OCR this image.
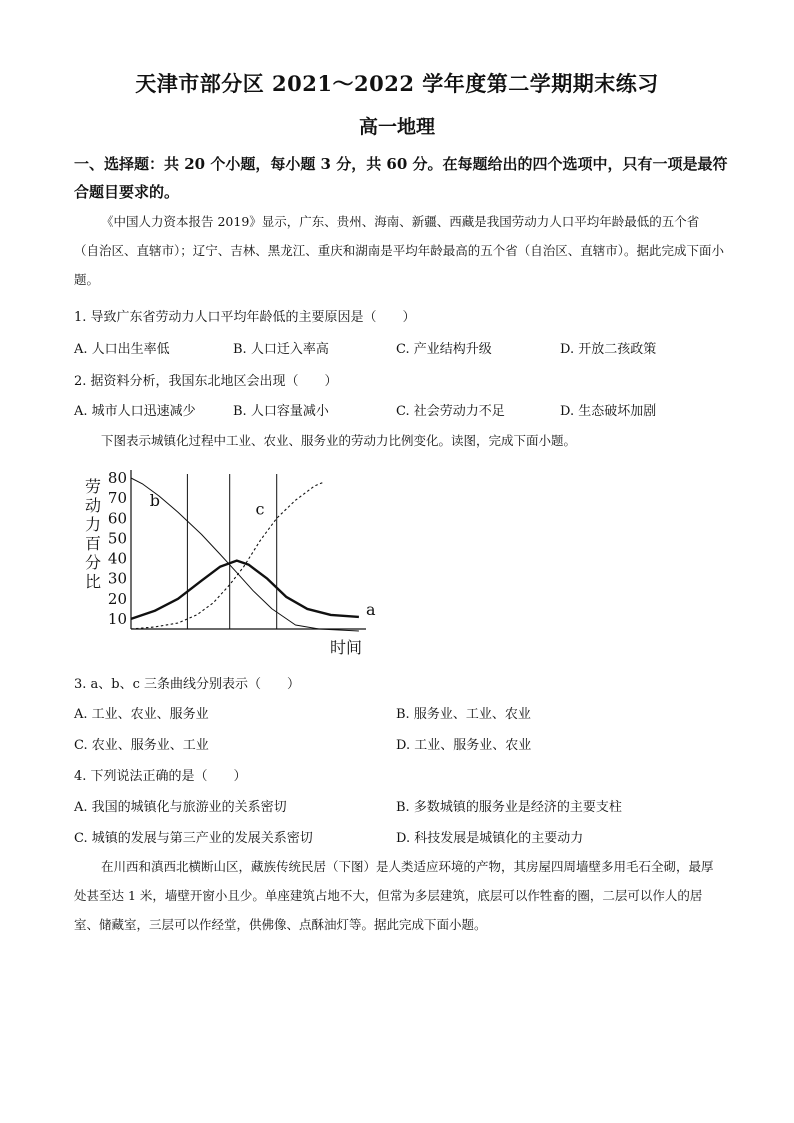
天津市部分区 2021～2022 学年度第二学期期末练习
高一地理
一、选择题：共 20 个小题，每小题 3 分，共 60 分。在每题给出的四个选项中，只有一项是最符合题目要求的。
《中国人力资本报告 2019》显示，广东、贵州、海南、新疆、西藏是我国劳动力人口平均年龄最低的五个省（自治区、直辖市）；辽宁、吉林、黑龙江、重庆和湖南是平均年龄最高的五个省（自治区、直辖市）。据此完成下面小题。
1. 导致广东省劳动力人口平均年龄低的主要原因是（　　）
A. 人口出生率低	B. 人口迁入率高	C. 产业结构升级	D. 开放二孩政策
2. 据资料分析，我国东北地区会出现（　　）
A. 城市人口迅速减少	B. 人口容量减小	C. 社会劳动力不足	D. 生态破坏加剧
下图表示城镇化过程中工业、农业、服务业的劳动力比例变化。读图，完成下面小题。
80
70
60
50
40
30
20
10
劳
动
力
百
分
比
时间
a
b	c
3. a、b、c 三条曲线分别表示（　　）
A. 工业、农业、服务业	B. 服务业、工业、农业
C. 农业、服务业、工业	D. 工业、服务业、农业
4. 下列说法正确的是（　　）
A. 我国的城镇化与旅游业的关系密切	B. 多数城镇的服务业是经济的主要支柱
C. 城镇的发展与第三产业的发展关系密切	D. 科技发展是城镇化的主要动力
在川西和滇西北横断山区，藏族传统民居（下图）是人类适应环境的产物，其房屋四周墙壁多用毛石全砌，最厚处甚至达 1 米，墙壁开窗小且少。单座建筑占地不大，但常为多层建筑，底层可以作牲畜的圈，二层可以作人的居室、储藏室，三层可以作经堂，供佛像、点酥油灯等。据此完成下面小题。
